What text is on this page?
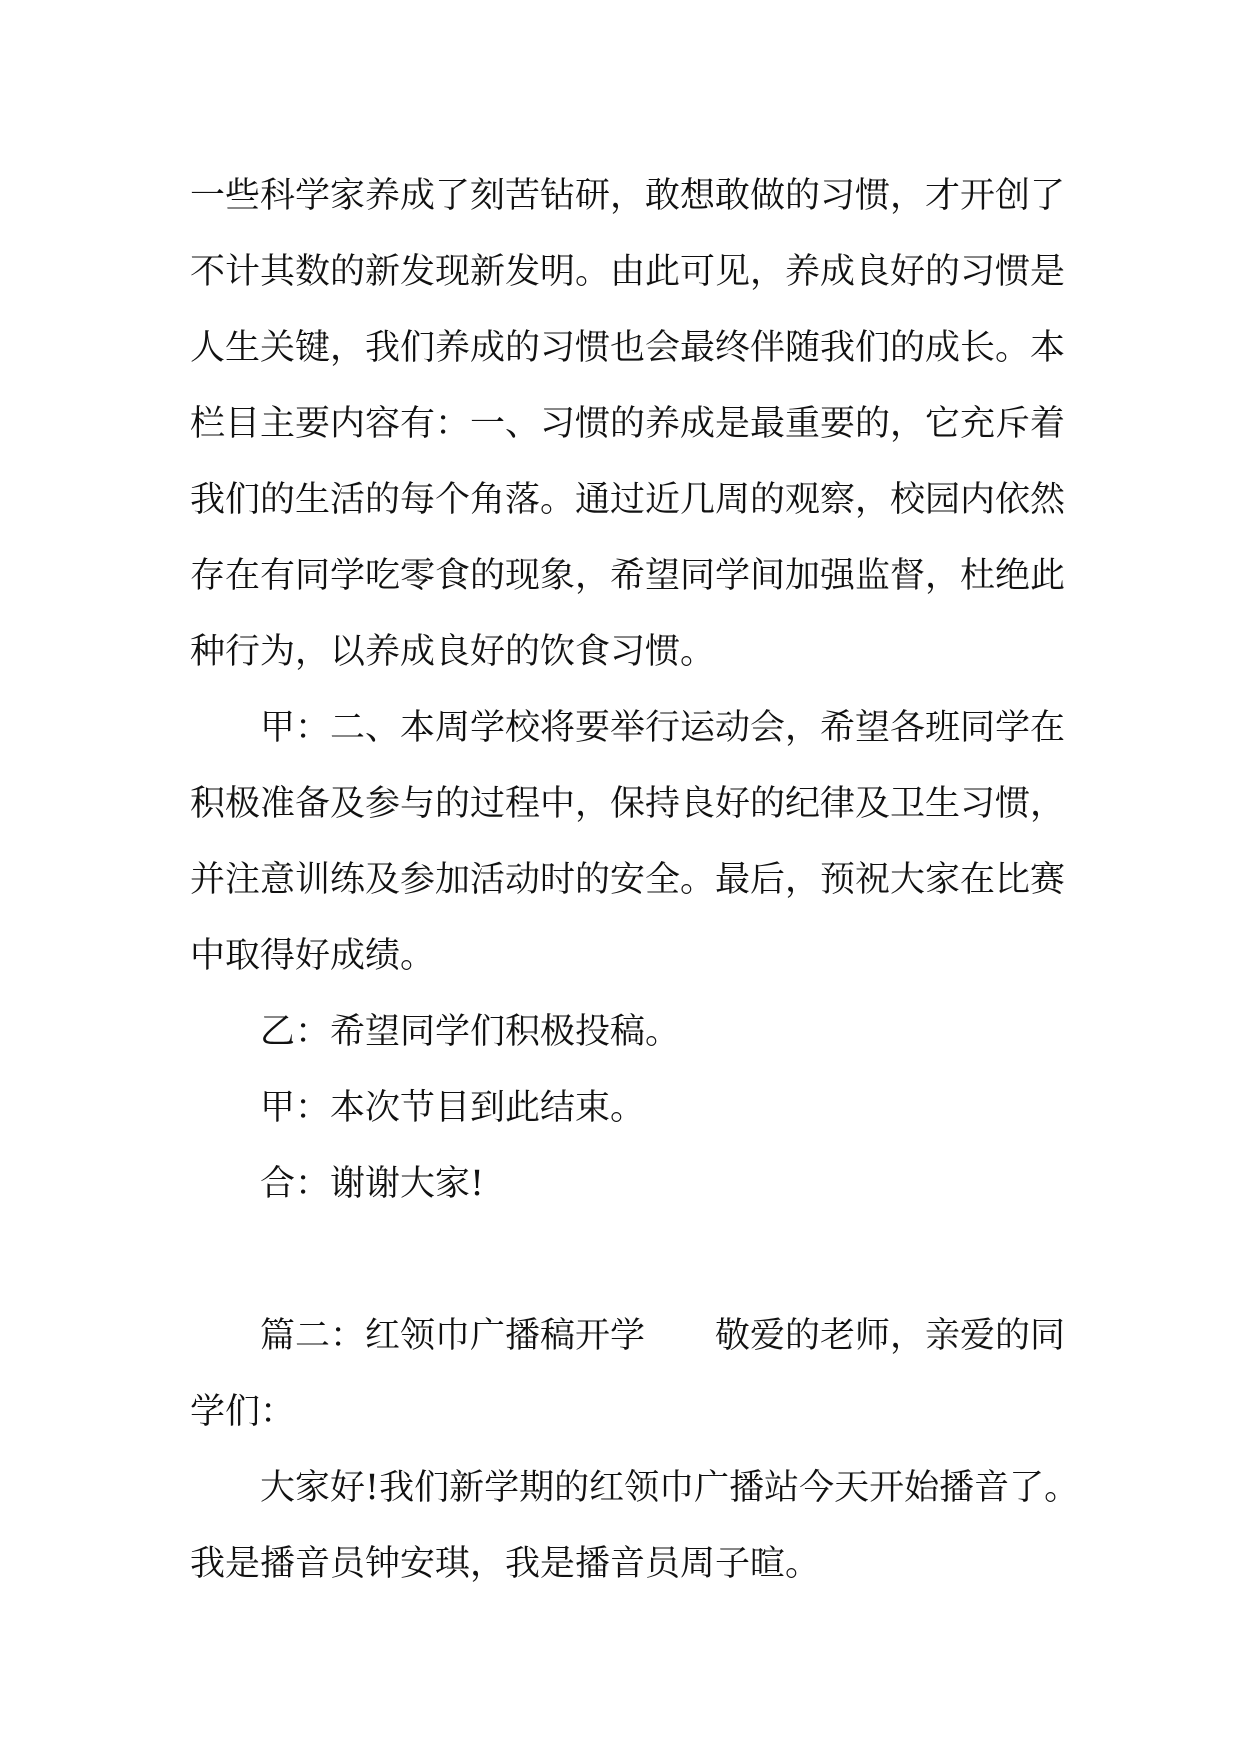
一些科学家养成了刻苦钻研，敢想敢做的习惯，才开创了
不计其数的新发现新发明。由此可见，养成良好的习惯是
人生关键，我们养成的习惯也会最终伴随我们的成长。本
栏目主要内容有：一、习惯的养成是最重要的，它充斥着
我们的生活的每个角落。通过近几周的观察，校园内依然
存在有同学吃零食的现象，希望同学间加强监督，杜绝此
种行为，以养成良好的饮食习惯。
甲：二、本周学校将要举行运动会，希望各班同学在
积极准备及参与的过程中，保持良好的纪律及卫生习惯，
并注意训练及参加活动时的安全。最后，预祝大家在比赛
中取得好成绩。
乙：希望同学们积极投稿。
甲：本次节目到此结束。
合：谢谢大家!
篇二：红领巾广播稿开学 敬爱的老师，亲爱的同
学们：
大家好!我们新学期的红领巾广播站今天开始播音了。
我是播音员钟安琪，我是播音员周子暄。
